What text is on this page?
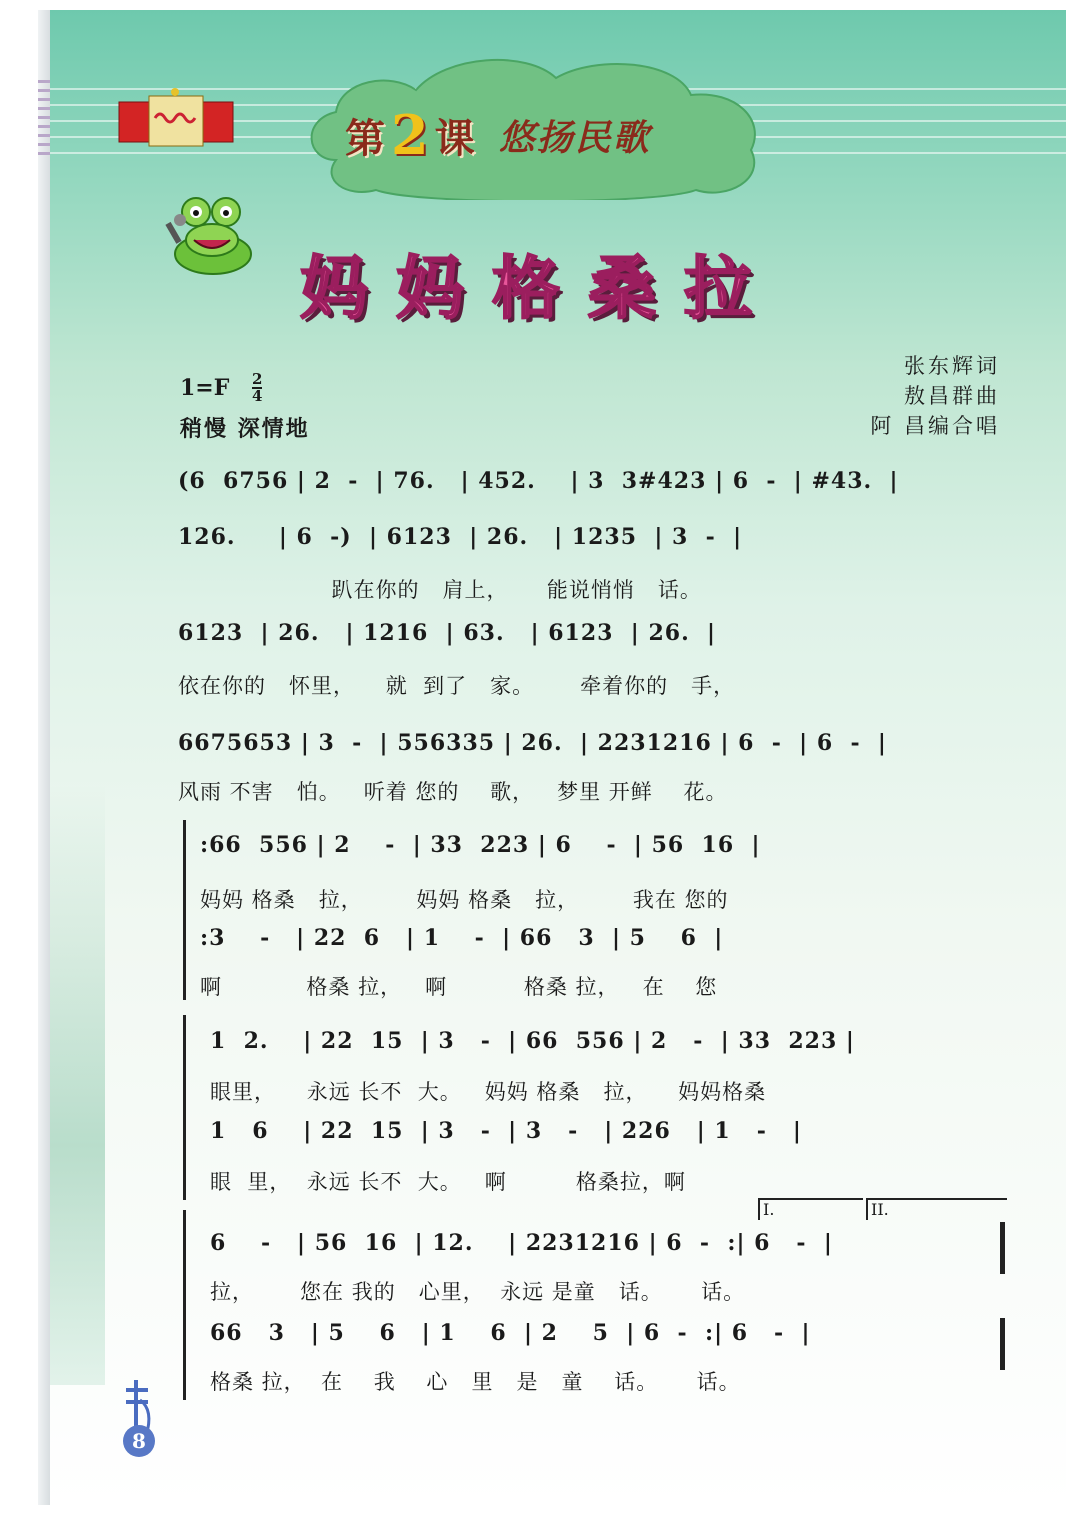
第 2 课 悠扬民歌
妈妈格桑拉
张东辉词
敖昌群曲
阿 昌编合唱
$1=F \frac{2}{4}$
稍慢 深情地
(6  6756 | 2  -  | 76.   | 452.    | 3  3#423 | 6  -  | #43.  |
126.     | 6  -)  | 6123  | 26.   | 1235  | 3  -  |
趴在你的   肩上，     能说悄悄   话。
6123  | 26.   | 1216  | 63.   | 6123  | 26.  |
依在你的   怀里，    就  到了   家。      牵着你的   手，
6675653 | 3  -  | 556335 | 26.  | 2231216 | 6  -  | 6  -  |
风雨 不害   怕。   听着 您的    歌，   梦里 开鲜    花。
:66  556 | 2    -  | 33  223 | 6    -  | 56  16  |
妈妈 格桑   拉，       妈妈 格桑   拉，       我在 您的
:3    -   | 22  6   | 1    -  | 66   3  | 5    6  |
啊           格桑 拉，   啊          格桑 拉，   在    您
1  2.    | 22  15  | 3   -  | 66  556 | 2   -  | 33  223 |
眼里，    永远 长不  大。   妈妈 格桑   拉，    妈妈格桑
1   6    | 22  15  | 3   -  | 3   -   | 226   | 1   -   |
眼  里，  永远 长不  大。   啊         格桑拉，啊
I.	II.
6    -   | 56  16  | 12.    | 2231216 | 6  -  :| 6   -  |
拉，      您在 我的   心里，  永远 是童   话。     话。
66   3   | 5    6   | 1    6  | 2    5  | 6  -  :| 6   -  |
格桑 拉，  在    我    心   里   是   童    话。     话。
8
